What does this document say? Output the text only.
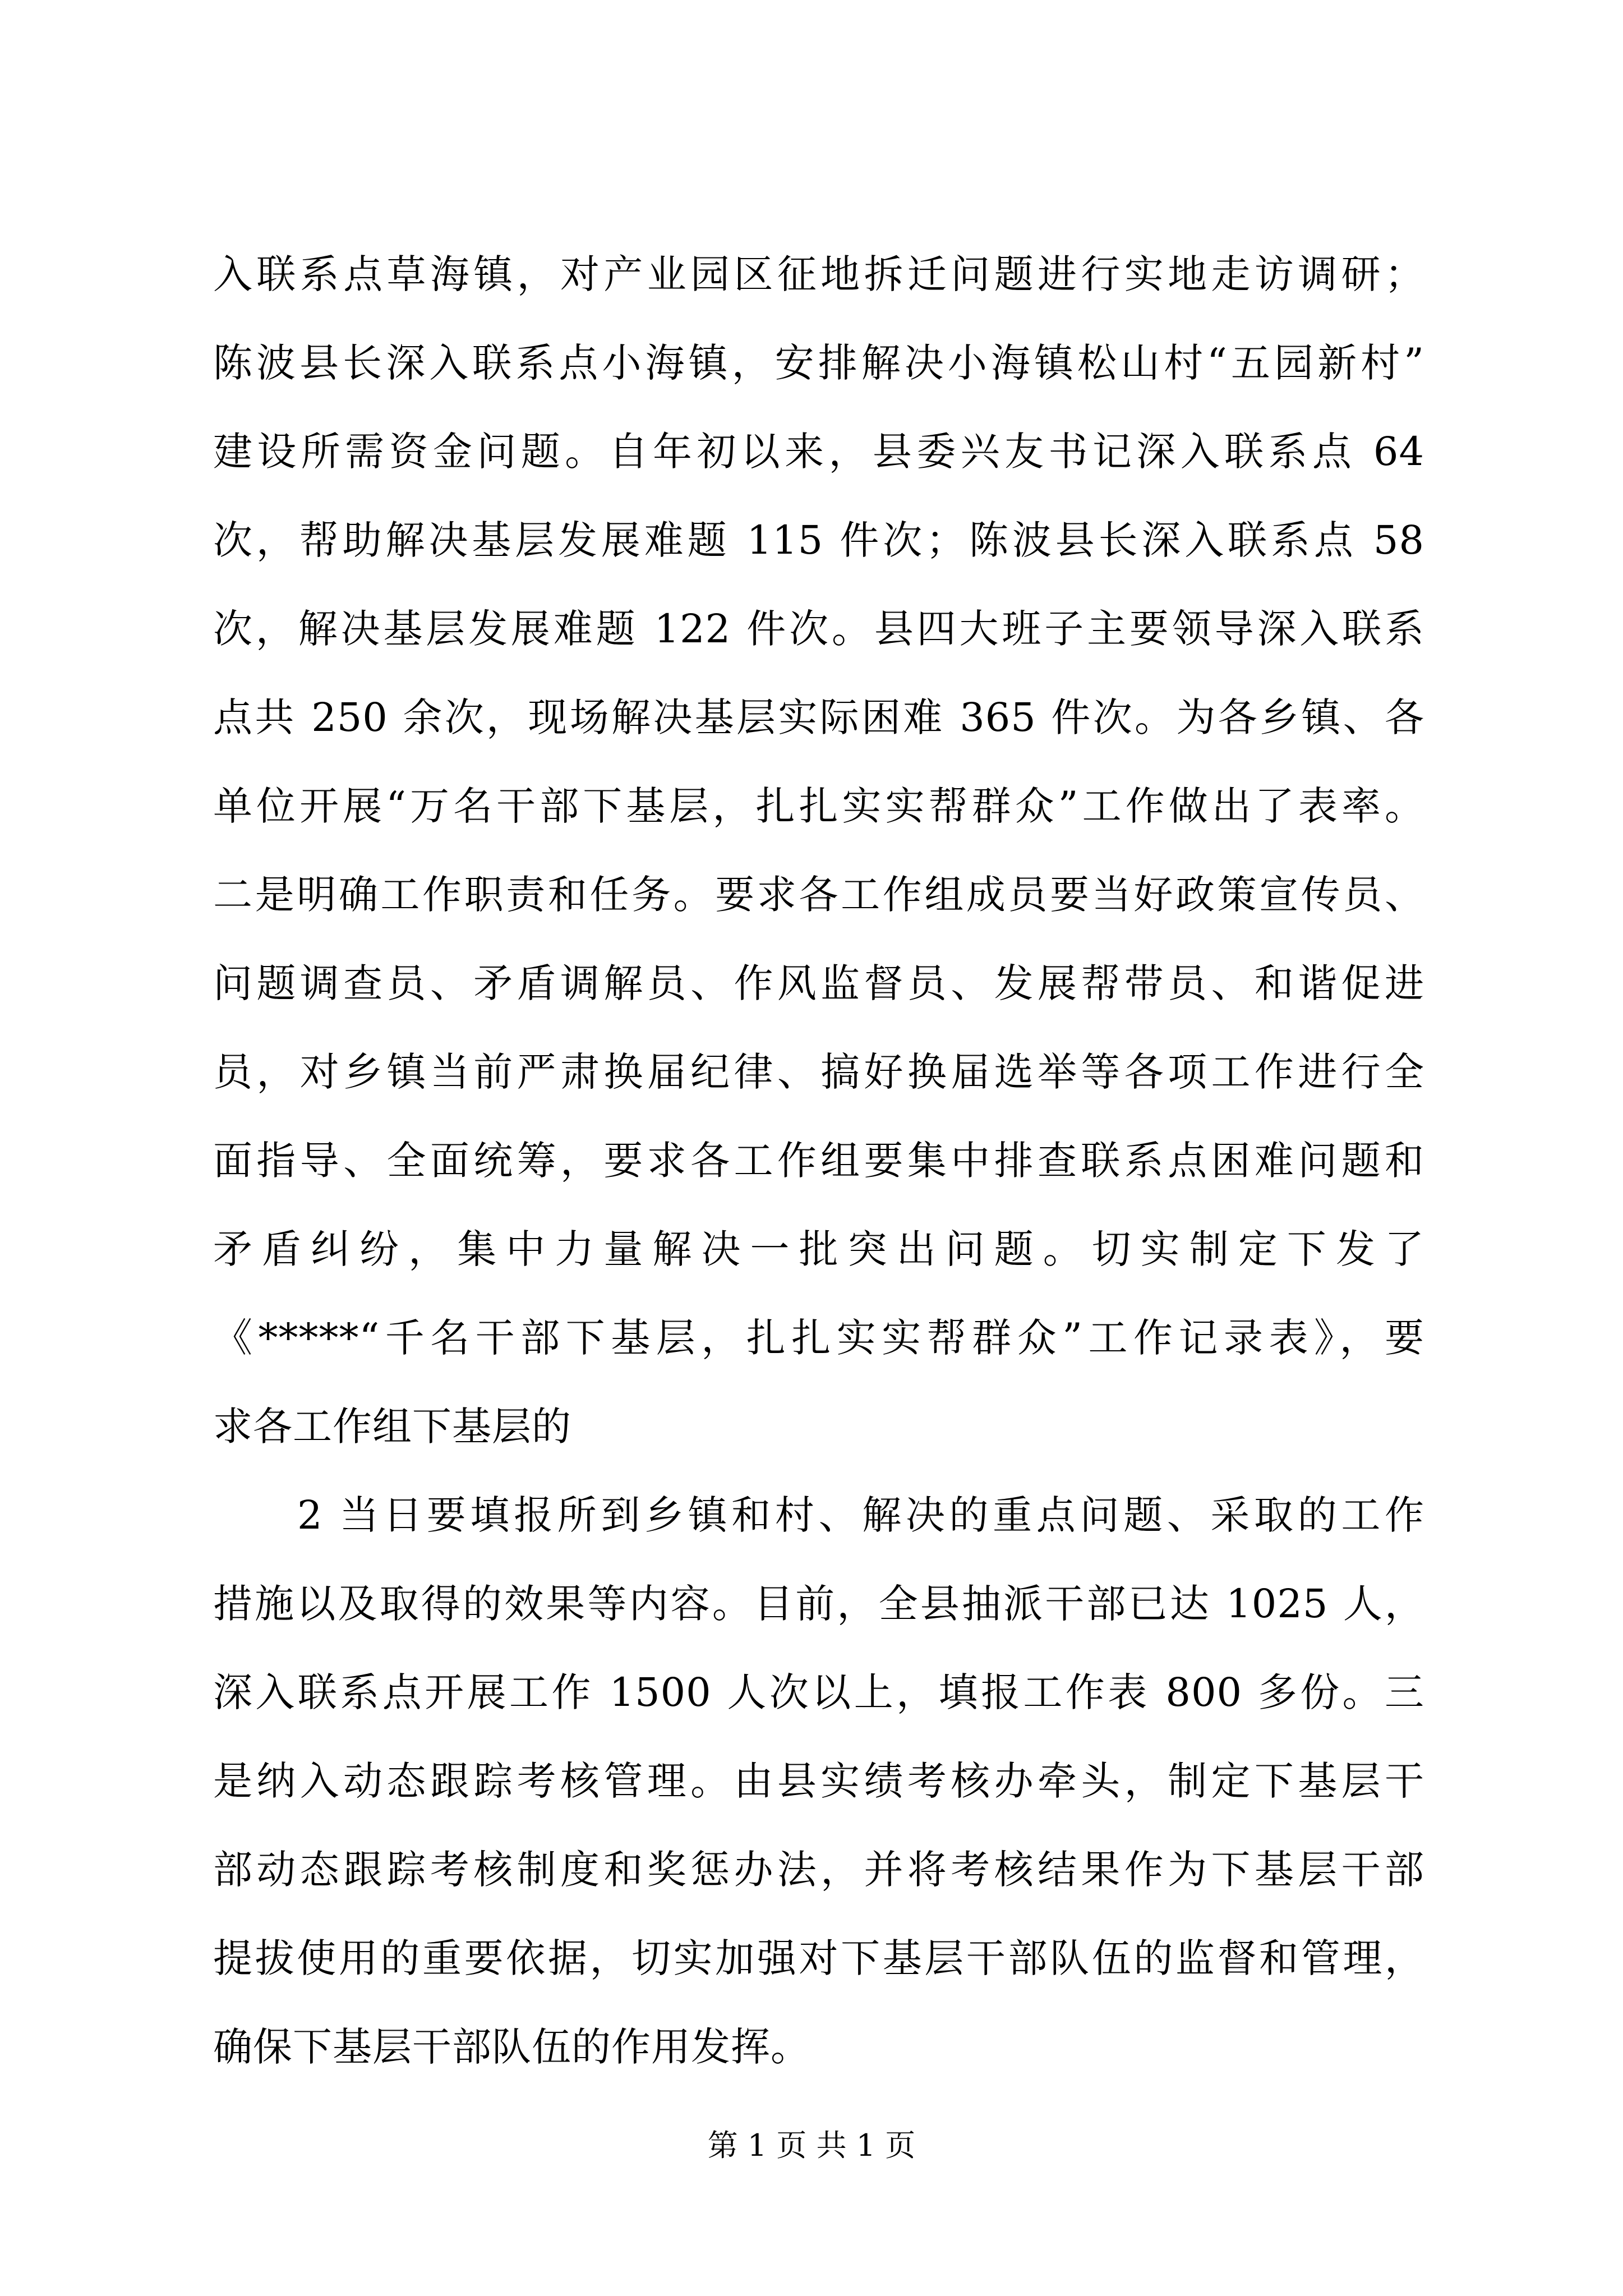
入联系点草海镇，对产业园区征地拆迁问题进行实地走访调研；
陈波县长深入联系点小海镇，安排解决小海镇松山村“五园新村”
建设所需资金问题。自年初以来，县委兴友书记深入联系点 64
次，帮助解决基层发展难题 115 件次；陈波县长深入联系点 58
次，解决基层发展难题 122 件次。县四大班子主要领导深入联系
点共 250 余次，现场解决基层实际困难 365 件次。为各乡镇、各
单位开展“万名干部下基层，扎扎实实帮群众”工作做出了表率。
二是明确工作职责和任务。要求各工作组成员要当好政策宣传员、
问题调查员、矛盾调解员、作风监督员、发展帮带员、和谐促进
员，对乡镇当前严肃换届纪律、搞好换届选举等各项工作进行全
面指导、全面统筹，要求各工作组要集中排查联系点困难问题和
矛盾纠纷，集中力量解决一批突出问题。切实制定下发了
《*****“千名干部下基层，扎扎实实帮群众”工作记录表》，要
求各工作组下基层的
2 当日要填报所到乡镇和村、解决的重点问题、采取的工作
措施以及取得的效果等内容。目前，全县抽派干部已达 1025 人，
深入联系点开展工作 1500 人次以上，填报工作表 800 多份。三
是纳入动态跟踪考核管理。由县实绩考核办牵头，制定下基层干
部动态跟踪考核制度和奖惩办法，并将考核结果作为下基层干部
提拔使用的重要依据，切实加强对下基层干部队伍的监督和管理，
确保下基层干部队伍的作用发挥。
第 1 页 共 1 页
